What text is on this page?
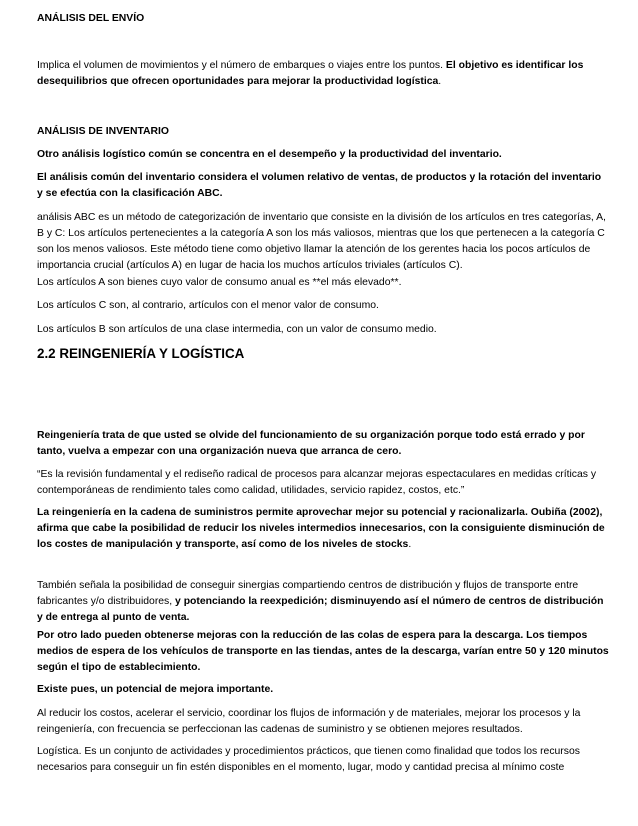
ANÁLISIS DEL ENVÍO

Implica el volumen de movimientos y el número de embarques o viajes entre los puntos. El objetivo es identificar los desequilibrios que ofrecen oportunidades para mejorar la productividad logística.

ANÁLISIS DE INVENTARIO

Otro análisis logístico común se concentra en el desempeño y la productividad del inventario.

El análisis común del inventario considera el volumen relativo de ventas, de productos y la rotación del inventario y se efectúa con la clasificación ABC.

análisis ABC es un método de categorización de inventario que consiste en la división de los artículos en tres categorías, A, B y C: Los artículos pertenecientes a la categoría A son los más valiosos, mientras que los que pertenecen a la categoría C son los menos valiosos. Este método tiene como objetivo llamar la atención de los gerentes hacia los pocos artículos de importancia crucial (artículos A) en lugar de hacia los muchos artículos triviales (artículos C).

Los artículos A son bienes cuyo valor de consumo anual es **el más elevado**.

Los artículos C son, al contrario, artículos con el menor valor de consumo.

Los artículos B son artículos de una clase intermedia, con un valor de consumo medio.

2.2 REINGENIERÍA Y LOGÍSTICA

Reingeniería trata de que usted se olvide del funcionamiento de su organización porque todo está errado y por tanto, vuelva a empezar con una organización nueva que arranca de cero.

“Es la revisión fundamental y el rediseño radical de procesos para alcanzar mejoras espectaculares en medidas críticas y contemporáneas de rendimiento tales como calidad, utilidades, servicio rapidez, costos, etc.”

La reingeniería en la cadena de suministros permite aprovechar mejor su potencial y racionalizarla. Oubiña (2002), afirma que cabe la posibilidad de reducir los niveles intermedios innecesarios, con la consiguiente disminución de los costes de manipulación y transporte, así como de los niveles de stocks.

También señala la posibilidad de conseguir sinergias compartiendo centros de distribución y flujos de transporte entre fabricantes y/o distribuidores, y potenciando la reexpedición; disminuyendo así el número de centros de distribución y de entrega al punto de venta.

Por otro lado pueden obtenerse mejoras con la reducción de las colas de espera para la descarga. Los tiempos medios de espera de los vehículos de transporte en las tiendas, antes de la descarga, varían entre 50 y 120 minutos según el tipo de establecimiento.

Existe pues, un potencial de mejora importante.

Al reducir los costos, acelerar el servicio, coordinar los flujos de información y de materiales, mejorar los procesos y la reingeniería, con frecuencia se perfeccionan las cadenas de suministro y se obtienen mejores resultados.

Logística. Es un conjunto de actividades y procedimientos prácticos, que tienen como finalidad que todos los recursos necesarios para conseguir un fin estén disponibles en el momento, lugar, modo y cantidad precisa al mínimo coste
